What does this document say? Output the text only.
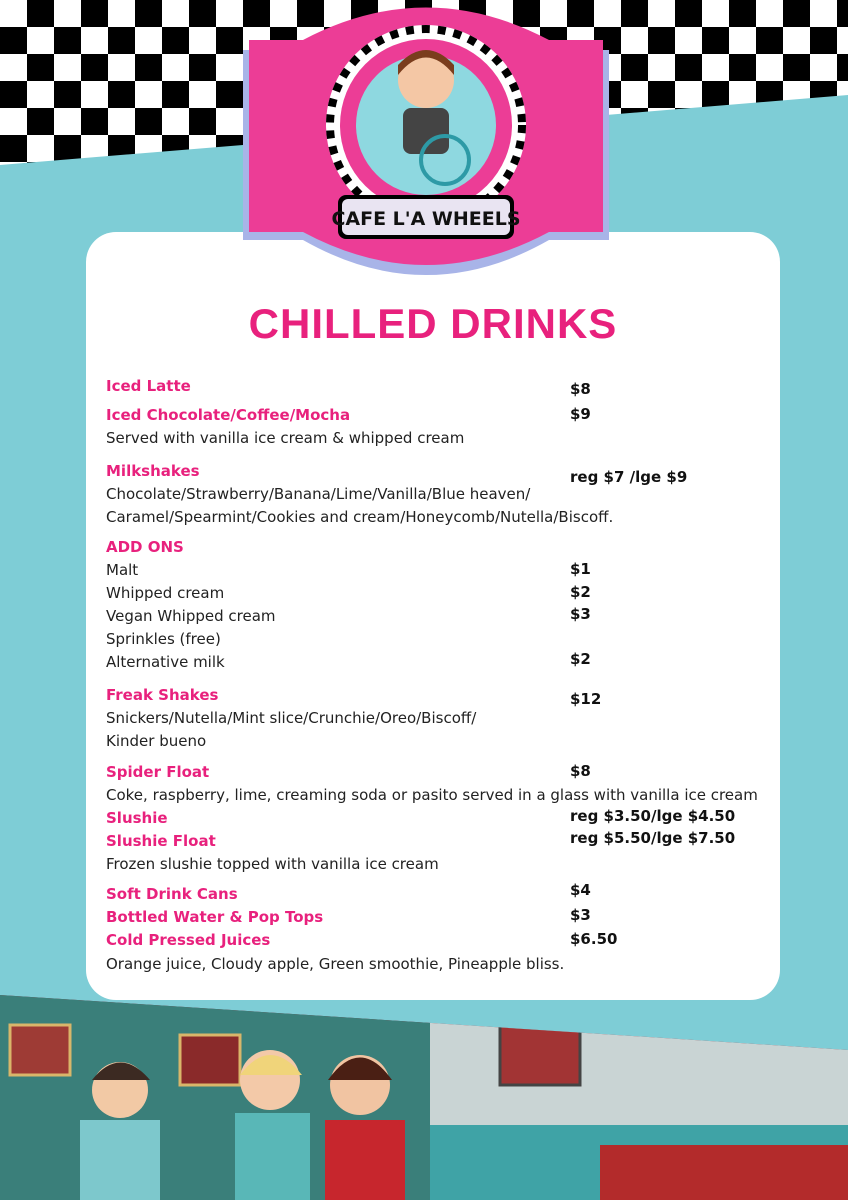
CAFE L'A WHEELS
CHILLED DRINKS
Iced Latte	$8
Iced Chocolate/Coffee/Mocha	$9
Served with vanilla ice cream & whipped cream
Milkshakes	reg $7 /lge $9
Chocolate/Strawberry/Banana/Lime/Vanilla/Blue heaven/
Caramel/Spearmint/Cookies and cream/Honeycomb/Nutella/Biscoff.
ADD ONS
Malt	$1
Whipped cream	$2
Vegan Whipped cream	$3
Sprinkles (free)
Alternative milk	$2
Freak Shakes	$12
Snickers/Nutella/Mint slice/Crunchie/Oreo/Biscoff/
Kinder bueno
Spider Float	$8
Coke, raspberry, lime, creaming soda or pasito served in a glass with vanilla ice cream
Slushie	reg $3.50/lge $4.50
Slushie Float	reg $5.50/lge $7.50
Frozen slushie topped with vanilla ice cream
Soft Drink Cans	$4
Bottled Water & Pop Tops	$3
Cold Pressed Juices	$6.50
Orange juice, Cloudy apple, Green smoothie, Pineapple bliss.
